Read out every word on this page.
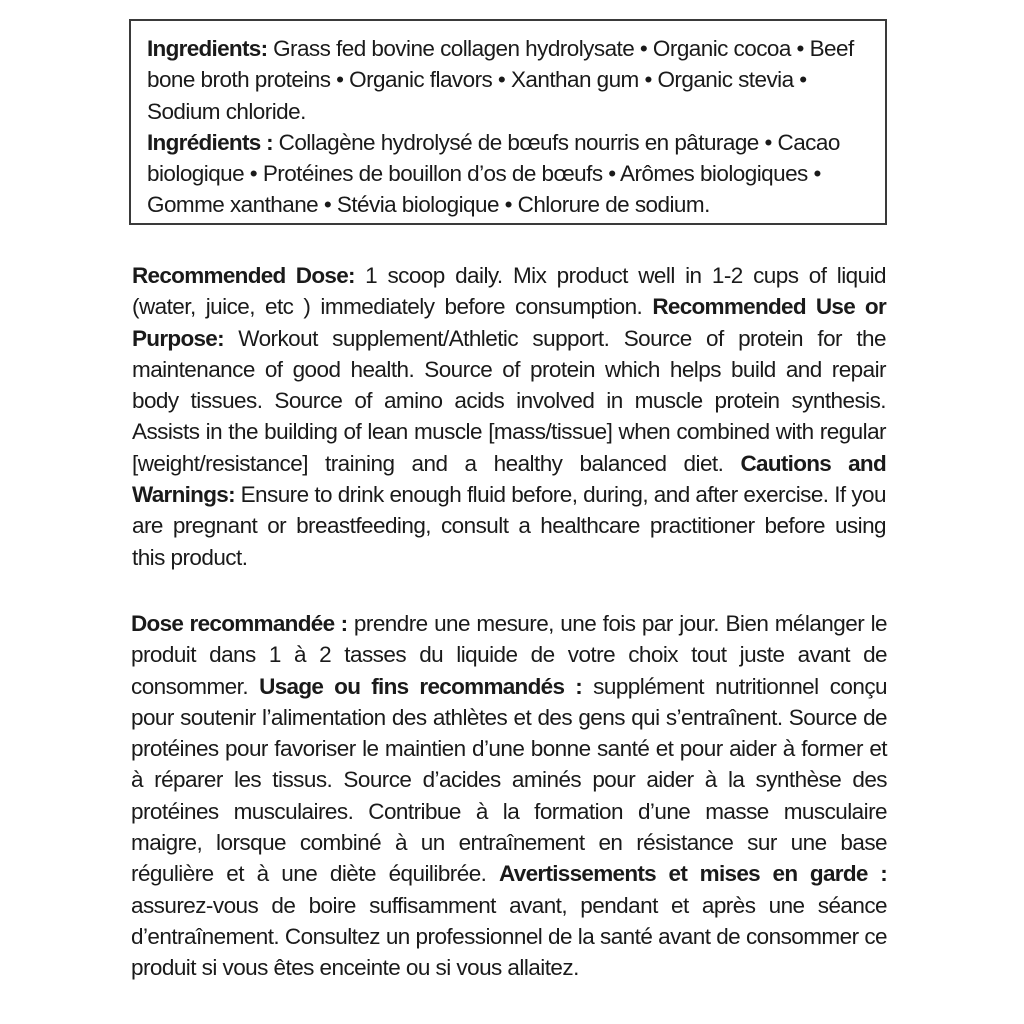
Ingredients: Grass fed bovine collagen hydrolysate • Organic cocoa • Beef bone broth proteins • Organic flavors • Xanthan gum • Organic stevia • Sodium chloride.

Ingrédients : Collagène hydrolysé de bœufs nourris en pâturage • Cacao biologique • Protéines de bouillon d’os de bœufs • Arômes biologiques • Gomme xanthane • Stévia biologique • Chlorure de sodium.

Recommended Dose: 1 scoop daily. Mix product well in 1-2 cups of liquid (water, juice, etc ) immediately before consumption. Recommended Use or Purpose: Workout supplement/Athletic support. Source of protein for the maintenance of good health. Source of protein which helps build and repair body tissues. Source of amino acids involved in muscle protein synthesis. Assists in the building of lean muscle [mass/tissue] when combined with regular [weight/resistance] training and a healthy balanced diet. Cautions and Warnings: Ensure to drink enough fluid before, during, and after exercise. If you are pregnant or breastfeeding, consult a healthcare practitioner before using this product.

Dose recommandée : prendre une mesure, une fois par jour. Bien mélanger le produit dans 1 à 2 tasses du liquide de votre choix tout juste avant de consommer. Usage ou fins recommandés : supplément nutritionnel conçu pour soutenir l’alimentation des athlètes et des gens qui s’entraînent. Source de protéines pour favoriser le maintien d’une bonne santé et pour aider à former et à réparer les tissus. Source d’acides aminés pour aider à la synthèse des protéines musculaires. Contribue à la formation d’une masse musculaire maigre, lorsque combiné à un entraînement en résistance sur une base régulière et à une diète équilibrée. Avertissements et mises en garde : assurez-vous de boire suffisamment avant, pendant et après une séance d’entraînement. Consultez un professionnel de la santé avant de consommer ce produit si vous êtes enceinte ou si vous allaitez.
